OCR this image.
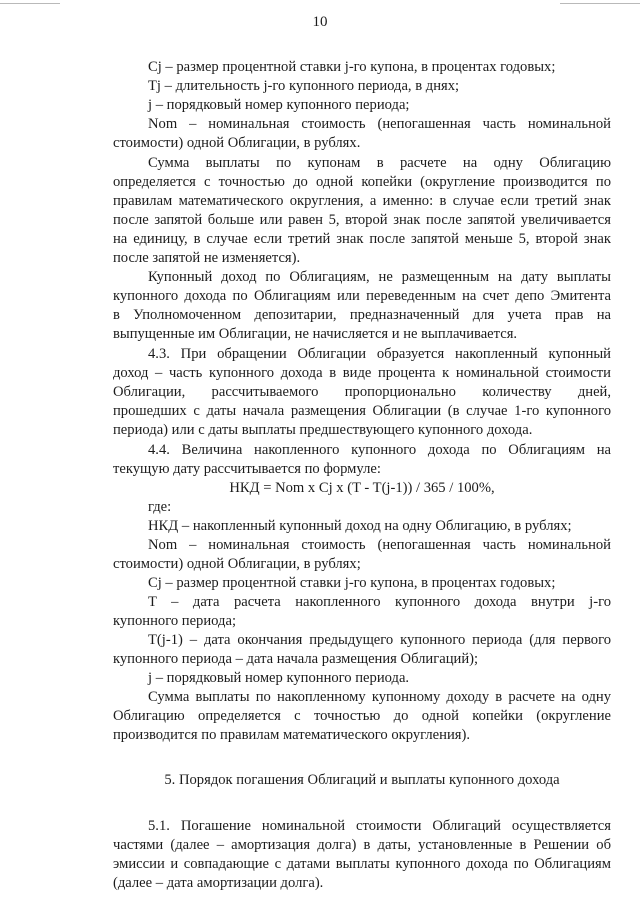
10
Cj – размер процентной ставки j-го купона, в процентах годовых;
Tj – длительность j-го купонного периода, в днях;
j – порядковый номер купонного периода;
Nom – номинальная стоимость (непогашенная часть номинальной
стоимости) одной Облигации, в рублях.
Сумма выплаты по купонам в расчете на одну Облигацию
определяется с точностью до одной копейки (округление производится по
правилам математического округления, а именно: в случае если третий знак
после запятой больше или равен 5, второй знак после запятой увеличивается
на единицу, в случае если третий знак после запятой меньше 5, второй знак
после запятой не изменяется).
Купонный доход по Облигациям, не размещенным на дату выплаты
купонного дохода по Облигациям или переведенным на счет депо Эмитента
в Уполномоченном депозитарии, предназначенный для учета прав на
выпущенные им Облигации, не начисляется и не выплачивается.
4.3. При обращении Облигации образуется накопленный купонный
доход – часть купонного дохода в виде процента к номинальной стоимости
Облигации, рассчитываемого пропорционально количеству дней,
прошедших с даты начала размещения Облигации (в случае 1-го купонного
периода) или с даты выплаты предшествующего купонного дохода.
4.4. Величина накопленного купонного дохода по Облигациям на
текущую дату рассчитывается по формуле:
НКД = Nom x Cj x (T - T(j-1)) / 365 / 100%,
где:
НКД – накопленный купонный доход на одну Облигацию, в рублях;
Nom – номинальная стоимость (непогашенная часть номинальной
стоимости) одной Облигации, в рублях;
Cj – размер процентной ставки j-го купона, в процентах годовых;
T – дата расчета накопленного купонного дохода внутри j-го
купонного периода;
T(j-1) – дата окончания предыдущего купонного периода (для первого
купонного периода – дата начала размещения Облигаций);
j – порядковый номер купонного периода.
Сумма выплаты по накопленному купонному доходу в расчете на одну
Облигацию определяется с точностью до одной копейки (округление
производится по правилам математического округления).
5. Порядок погашения Облигаций и выплаты купонного дохода
5.1. Погашение номинальной стоимости Облигаций осуществляется
частями (далее – амортизация долга) в даты, установленные в Решении об
эмиссии и совпадающие с датами выплаты купонного дохода по Облигациям
(далее – дата амортизации долга).
